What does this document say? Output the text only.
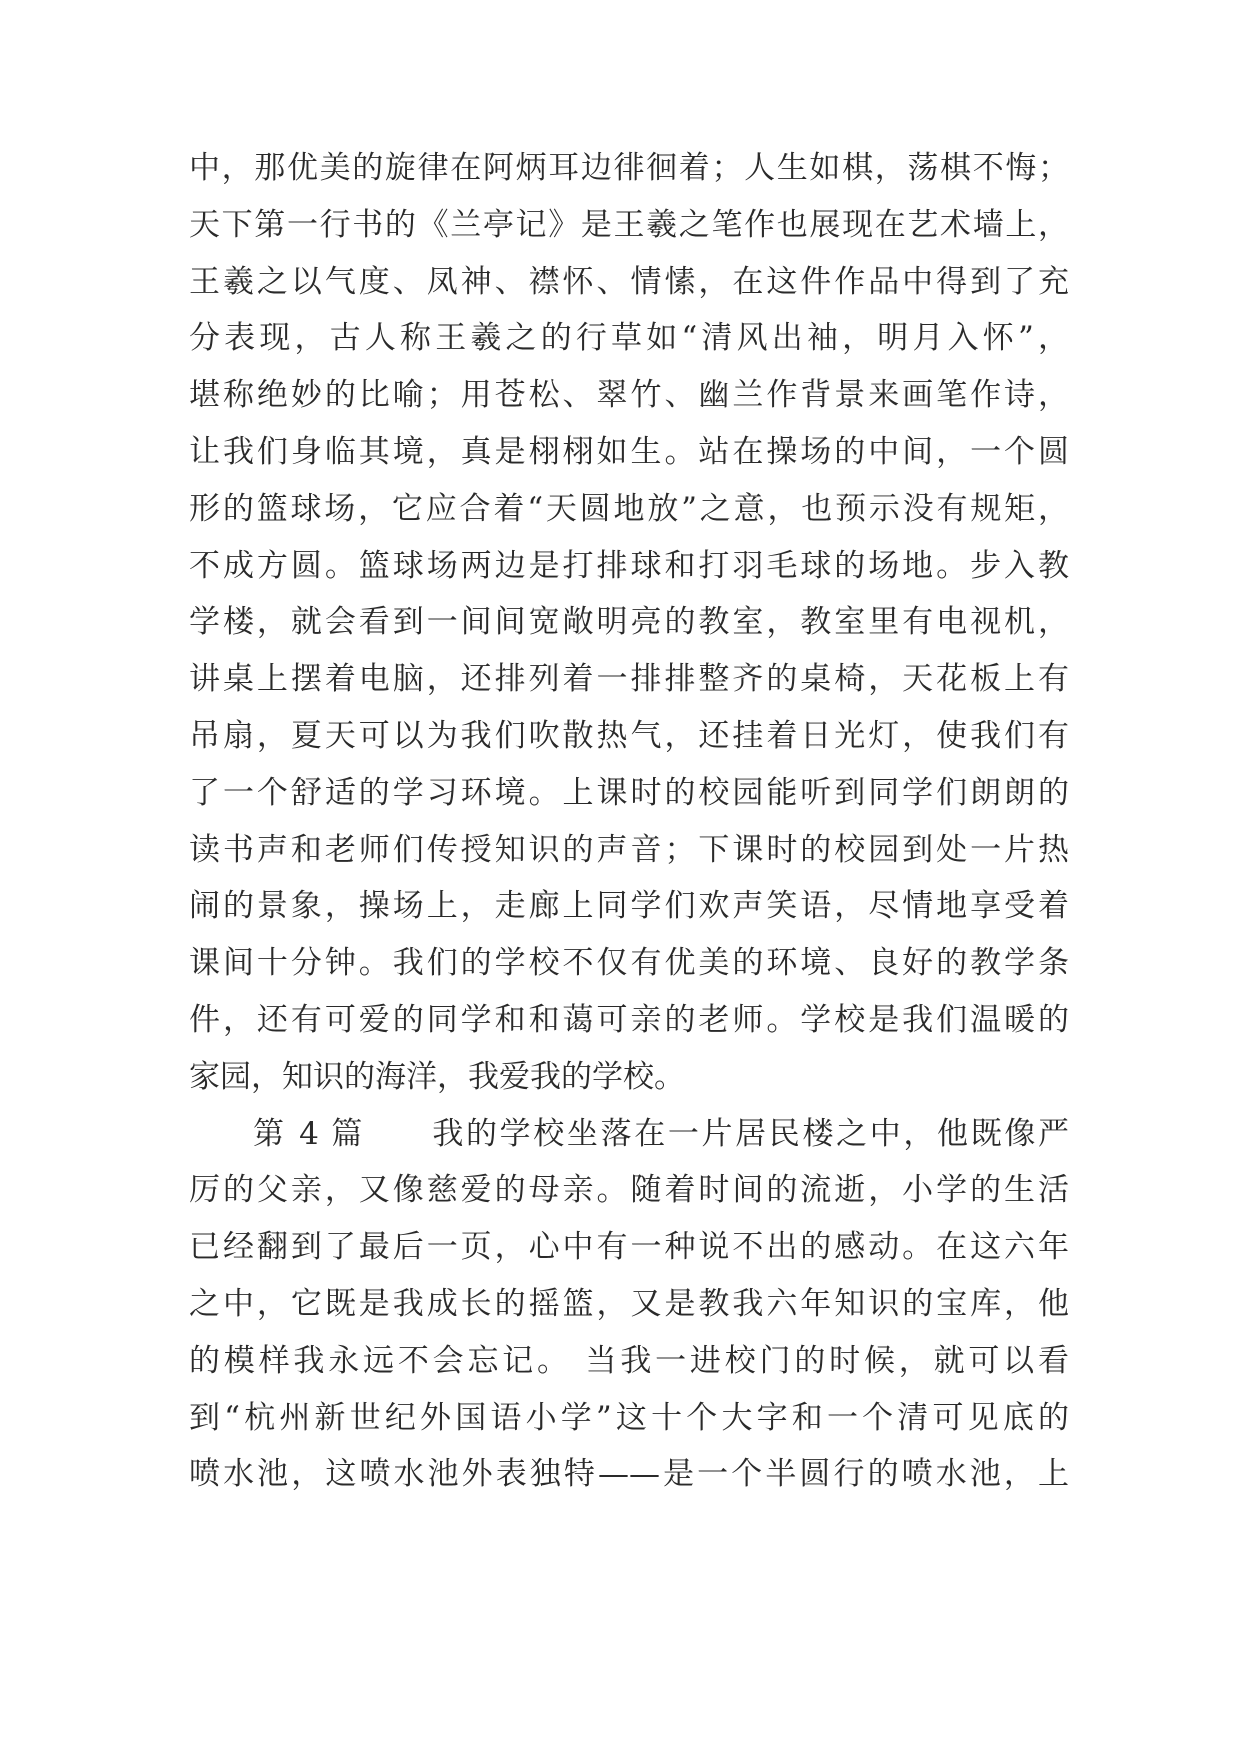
中，那优美的旋律在阿炳耳边徘徊着；人生如棋，荡棋不悔；
天下第一行书的《兰亭记》是王羲之笔作也展现在艺术墙上，
王羲之以气度、凤神、襟怀、情愫，在这件作品中得到了充
分表现，古人称王羲之的行草如“清风出袖，明月入怀”，
堪称绝妙的比喻；用苍松、翠竹、幽兰作背景来画笔作诗，
让我们身临其境，真是栩栩如生。站在操场的中间，一个圆
形的篮球场，它应合着“天圆地放”之意，也预示没有规矩，
不成方圆。篮球场两边是打排球和打羽毛球的场地。步入教
学楼，就会看到一间间宽敞明亮的教室，教室里有电视机，
讲桌上摆着电脑，还排列着一排排整齐的桌椅，天花板上有
吊扇，夏天可以为我们吹散热气，还挂着日光灯，使我们有
了一个舒适的学习环境。上课时的校园能听到同学们朗朗的
读书声和老师们传授知识的声音；下课时的校园到处一片热
闹的景象，操场上，走廊上同学们欢声笑语，尽情地享受着
课间十分钟。我们的学校不仅有优美的环境、良好的教学条
件，还有可爱的同学和和蔼可亲的老师。学校是我们温暖的
家园，知识的海洋，我爱我的学校。
第 4 篇　　我的学校坐落在一片居民楼之中，他既像严
厉的父亲，又像慈爱的母亲。随着时间的流逝，小学的生活
已经翻到了最后一页，心中有一种说不出的感动。在这六年
之中，它既是我成长的摇篮，又是教我六年知识的宝库，他
的模样我永远不会忘记。 当我一进校门的时候，就可以看
到“杭州新世纪外国语小学”这十个大字和一个清可见底的
喷水池，这喷水池外表独特——是一个半圆行的喷水池，上
